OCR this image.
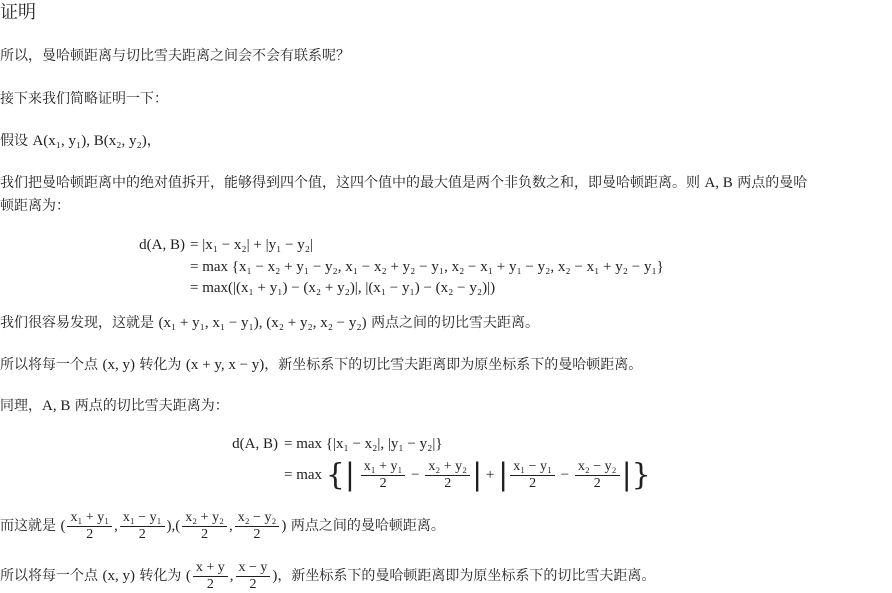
证明
所以，曼哈顿距离与切比雪夫距离之间会不会有联系呢？
接下来我们简略证明一下：
假设 A(x₁, y₁), B(x₂, y₂)，
我们把曼哈顿距离中的绝对值拆开，能够得到四个值，这四个值中的最大值是两个非负数之和，即曼哈顿距离。则 A, B 两点的曼哈
顿距离为：
d(A, B) = |x₁ − x₂| + |y₁ − y₂|
= max {x₁ − x₂ + y₁ − y₂, x₁ − x₂ + y₂ − y₁, x₂ − x₁ + y₁ − y₂, x₂ − x₁ + y₂ − y₁}
= max(|(x₁ + y₁) − (x₂ + y₂)|, |(x₁ − y₁) − (x₂ − y₂)|)
我们很容易发现，这就是 (x₁ + y₁, x₁ − y₁), (x₂ + y₂, x₂ − y₂) 两点之间的切比雪夫距离。
所以将每一个点 (x, y) 转化为 (x + y, x − y)，新坐标系下的切比雪夫距离即为原坐标系下的曼哈顿距离。
同理，A, B 两点的切比雪夫距离为：
d(A, B) = max {|x₁ − x₂|, |y₁ − y₂|}
= max {| $\frac{\text{x₁ + y₁}}{2} - \frac{\text{x₂ + y₂}}{2}$ | + | $\frac{\text{x₁ − y₁}}{2} - \frac{\text{x₂ − y₂}}{2}$ |}
而这就是 ( $\frac{\text{x₁ + y₁}}{2}$ , $\frac{\text{x₁ − y₁}}{2}$ ),( $\frac{\text{x₂ + y₂}}{2}$ , $\frac{\text{x₂ − y₂}}{2}$ ) 两点之间的曼哈顿距离。
所以将每一个点 (x, y) 转化为 ( $\frac{x + y}{2}$ , $\frac{x - y}{2}$ )，新坐标系下的曼哈顿距离即为原坐标系下的切比雪夫距离。
